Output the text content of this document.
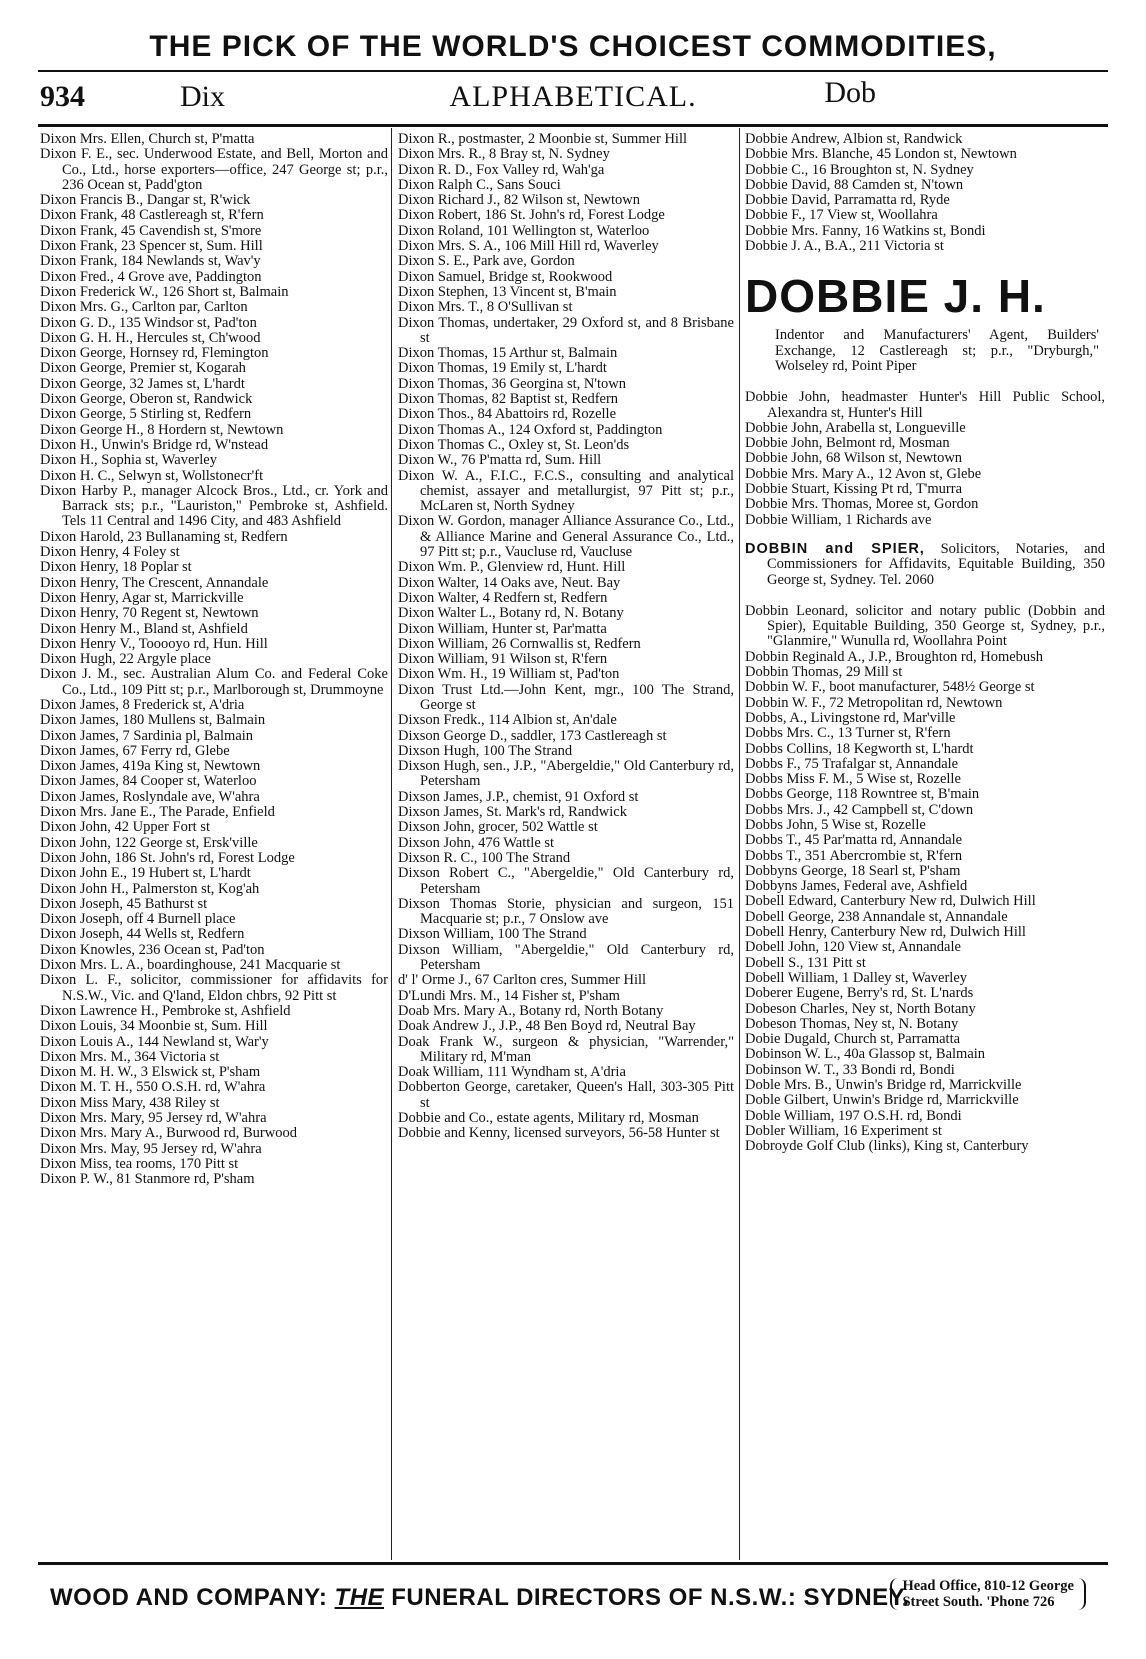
THE PICK OF THE WORLD'S CHOICEST COMMODITIES,
934	Dix	ALPHABETICAL.	Dob

Dixon Mrs. Ellen, Church st, P'matta

Dixon F. E., sec. Underwood Estate, and Bell, Morton and Co., Ltd., horse exporters—office, 247 George st; p.r., 236 Ocean st, Padd'gton

Dixon Francis B., Dangar st, R'wick

Dixon Frank, 48 Castlereagh st, R'fern

Dixon Frank, 45 Cavendish st, S'more

Dixon Frank, 23 Spencer st, Sum. Hill

Dixon Frank, 184 Newlands st, Wav'y

Dixon Fred., 4 Grove ave, Paddington

Dixon Frederick W., 126 Short st, Balmain

Dixon Mrs. G., Carlton par, Carlton

Dixon G. D., 135 Windsor st, Pad'ton

Dixon G. H. H., Hercules st, Ch'wood

Dixon George, Hornsey rd, Flemington

Dixon George, Premier st, Kogarah

Dixon George, 32 James st, L'hardt

Dixon George, Oberon st, Randwick

Dixon George, 5 Stirling st, Redfern

Dixon George H., 8 Hordern st, Newtown

Dixon H., Unwin's Bridge rd, W'nstead

Dixon H., Sophia st, Waverley

Dixon H. C., Selwyn st, Wollstonecr'ft

Dixon Harby P., manager Alcock Bros., Ltd., cr. York and Barrack sts; p.r., "Lauriston," Pembroke st, Ashfield. Tels 11 Central and 1496 City, and 483 Ashfield

Dixon Harold, 23 Bullanaming st, Redfern

Dixon Henry, 4 Foley st

Dixon Henry, 18 Poplar st

Dixon Henry, The Crescent, Annandale

Dixon Henry, Agar st, Marrickville

Dixon Henry, 70 Regent st, Newtown

Dixon Henry M., Bland st, Ashfield

Dixon Henry V., Tooooyo rd, Hun. Hill

Dixon Hugh, 22 Argyle place

Dixon J. M., sec. Australian Alum Co. and Federal Coke Co., Ltd., 109 Pitt st; p.r., Marlborough st, Drummoyne

Dixon James, 8 Frederick st, A'dria

Dixon James, 180 Mullens st, Balmain

Dixon James, 7 Sardinia pl, Balmain

Dixon James, 67 Ferry rd, Glebe

Dixon James, 419a King st, Newtown

Dixon James, 84 Cooper st, Waterloo

Dixon James, Roslyndale ave, W'ahra

Dixon Mrs. Jane E., The Parade, Enfield

Dixon John, 42 Upper Fort st

Dixon John, 122 George st, Ersk'ville

Dixon John, 186 St. John's rd, Forest Lodge

Dixon John E., 19 Hubert st, L'hardt

Dixon John H., Palmerston st, Kog'ah

Dixon Joseph, 45 Bathurst st

Dixon Joseph, off 4 Burnell place

Dixon Joseph, 44 Wells st, Redfern

Dixon Knowles, 236 Ocean st, Pad'ton

Dixon Mrs. L. A., boardinghouse, 241 Macquarie st

Dixon L. F., solicitor, commissioner for affidavits for N.S.W., Vic. and Q'land, Eldon chbrs, 92 Pitt st

Dixon Lawrence H., Pembroke st, Ashfield

Dixon Louis, 34 Moonbie st, Sum. Hill

Dixon Louis A., 144 Newland st, War'y

Dixon Mrs. M., 364 Victoria st

Dixon M. H. W., 3 Elswick st, P'sham

Dixon M. T. H., 550 O.S.H. rd, W'ahra

Dixon Miss Mary, 438 Riley st

Dixon Mrs. Mary, 95 Jersey rd, W'ahra

Dixon Mrs. Mary A., Burwood rd, Burwood

Dixon Mrs. May, 95 Jersey rd, W'ahra

Dixon Miss, tea rooms, 170 Pitt st

Dixon P. W., 81 Stanmore rd, P'sham

Dixon R., postmaster, 2 Moonbie st, Summer Hill

Dixon Mrs. R., 8 Bray st, N. Sydney

Dixon R. D., Fox Valley rd, Wah'ga

Dixon Ralph C., Sans Souci

Dixon Richard J., 82 Wilson st, Newtown

Dixon Robert, 186 St. John's rd, Forest Lodge

Dixon Roland, 101 Wellington st, Waterloo

Dixon Mrs. S. A., 106 Mill Hill rd, Waverley

Dixon S. E., Park ave, Gordon

Dixon Samuel, Bridge st, Rookwood

Dixon Stephen, 13 Vincent st, B'main

Dixon Mrs. T., 8 O'Sullivan st

Dixon Thomas, undertaker, 29 Oxford st, and 8 Brisbane st

Dixon Thomas, 15 Arthur st, Balmain

Dixon Thomas, 19 Emily st, L'hardt

Dixon Thomas, 36 Georgina st, N'town

Dixon Thomas, 82 Baptist st, Redfern

Dixon Thos., 84 Abattoirs rd, Rozelle

Dixon Thomas A., 124 Oxford st, Paddington

Dixon Thomas C., Oxley st, St. Leon'ds

Dixon W., 76 P'matta rd, Sum. Hill

Dixon W. A., F.I.C., F.C.S., consulting and analytical chemist, assayer and metallurgist, 97 Pitt st; p.r., McLaren st, North Sydney

Dixon W. Gordon, manager Alliance Assurance Co., Ltd., & Alliance Marine and General Assurance Co., Ltd., 97 Pitt st; p.r., Vaucluse rd, Vaucluse

Dixon Wm. P., Glenview rd, Hunt. Hill

Dixon Walter, 14 Oaks ave, Neut. Bay

Dixon Walter, 4 Redfern st, Redfern

Dixon Walter L., Botany rd, N. Botany

Dixon William, Hunter st, Par'matta

Dixon William, 26 Cornwallis st, Redfern

Dixon William, 91 Wilson st, R'fern

Dixon Wm. H., 19 William st, Pad'ton

Dixon Trust Ltd.—John Kent, mgr., 100 The Strand, George st

Dixson Fredk., 114 Albion st, An'dale

Dixson George D., saddler, 173 Castlereagh st

Dixson Hugh, 100 The Strand

Dixson Hugh, sen., J.P., "Abergeldie," Old Canterbury rd, Petersham

Dixson James, J.P., chemist, 91 Oxford st

Dixson James, St. Mark's rd, Randwick

Dixson John, grocer, 502 Wattle st

Dixson John, 476 Wattle st

Dixson R. C., 100 The Strand

Dixson Robert C., "Abergeldie," Old Canterbury rd, Petersham

Dixson Thomas Storie, physician and surgeon, 151 Macquarie st; p.r., 7 Onslow ave

Dixson William, 100 The Strand

Dixson William, "Abergeldie," Old Canterbury rd, Petersham

d' l' Orme J., 67 Carlton cres, Summer Hill

D'Lundi Mrs. M., 14 Fisher st, P'sham

Doab Mrs. Mary A., Botany rd, North Botany

Doak Andrew J., J.P., 48 Ben Boyd rd, Neutral Bay

Doak Frank W., surgeon & physician, "Warrender," Military rd, M'man

Doak William, 111 Wyndham st, A'dria

Dobberton George, caretaker, Queen's Hall, 303-305 Pitt st

Dobbie and Co., estate agents, Military rd, Mosman

Dobbie and Kenny, licensed surveyors, 56-58 Hunter st

Dobbie Andrew, Albion st, Randwick

Dobbie Mrs. Blanche, 45 London st, Newtown

Dobbie C., 16 Broughton st, N. Sydney

Dobbie David, 88 Camden st, N'town

Dobbie David, Parramatta rd, Ryde

Dobbie F., 17 View st, Woollahra

Dobbie Mrs. Fanny, 16 Watkins st, Bondi

Dobbie J. A., B.A., 211 Victoria st

DOBBIE J. H.

Indentor and Manufacturers' Agent, Builders' Exchange, 12 Castlereagh st; p.r., "Dryburgh," Wolseley rd, Point Piper

Dobbie John, headmaster Hunter's Hill Public School, Alexandra st, Hunter's Hill

Dobbie John, Arabella st, Longueville

Dobbie John, Belmont rd, Mosman

Dobbie John, 68 Wilson st, Newtown

Dobbie Mrs. Mary A., 12 Avon st, Glebe

Dobbie Stuart, Kissing Pt rd, T'murra

Dobbie Mrs. Thomas, Moree st, Gordon

Dobbie William, 1 Richards ave

DOBBIN and SPIER, Solicitors, Notaries, and Commissioners for Affidavits, Equitable Building, 350 George st, Sydney. Tel. 2060

Dobbin Leonard, solicitor and notary public (Dobbin and Spier), Equitable Building, 350 George st, Sydney, p.r., "Glanmire," Wunulla rd, Woollahra Point

Dobbin Reginald A., J.P., Broughton rd, Homebush

Dobbin Thomas, 29 Mill st

Dobbin W. F., boot manufacturer, 548½ George st

Dobbin W. F., 72 Metropolitan rd, Newtown

Dobbs, A., Livingstone rd, Mar'ville

Dobbs Mrs. C., 13 Turner st, R'fern

Dobbs Collins, 18 Kegworth st, L'hardt

Dobbs F., 75 Trafalgar st, Annandale

Dobbs Miss F. M., 5 Wise st, Rozelle

Dobbs George, 118 Rowntree st, B'main

Dobbs Mrs. J., 42 Campbell st, C'down

Dobbs John, 5 Wise st, Rozelle

Dobbs T., 45 Par'matta rd, Annandale

Dobbs T., 351 Abercrombie st, R'fern

Dobbyns George, 18 Searl st, P'sham

Dobbyns James, Federal ave, Ashfield

Dobell Edward, Canterbury New rd, Dulwich Hill

Dobell George, 238 Annandale st, Annandale

Dobell Henry, Canterbury New rd, Dulwich Hill

Dobell John, 120 View st, Annandale

Dobell S., 131 Pitt st

Dobell William, 1 Dalley st, Waverley

Doberer Eugene, Berry's rd, St. L'nards

Dobeson Charles, Ney st, North Botany

Dobeson Thomas, Ney st, N. Botany

Dobie Dugald, Church st, Parramatta

Dobinson W. L., 40a Glassop st, Balmain

Dobinson W. T., 33 Bondi rd, Bondi

Doble Mrs. B., Unwin's Bridge rd, Marrickville

Doble Gilbert, Unwin's Bridge rd, Marrickville

Doble William, 197 O.S.H. rd, Bondi

Dobler William, 16 Experiment st

Dobroyde Golf Club (links), King st, Canterbury

WOOD AND COMPANY: THE FUNERAL DIRECTORS OF N.S.W.: SYDNEY.
Head Office, 810-12 George
Street South. 'Phone 726
